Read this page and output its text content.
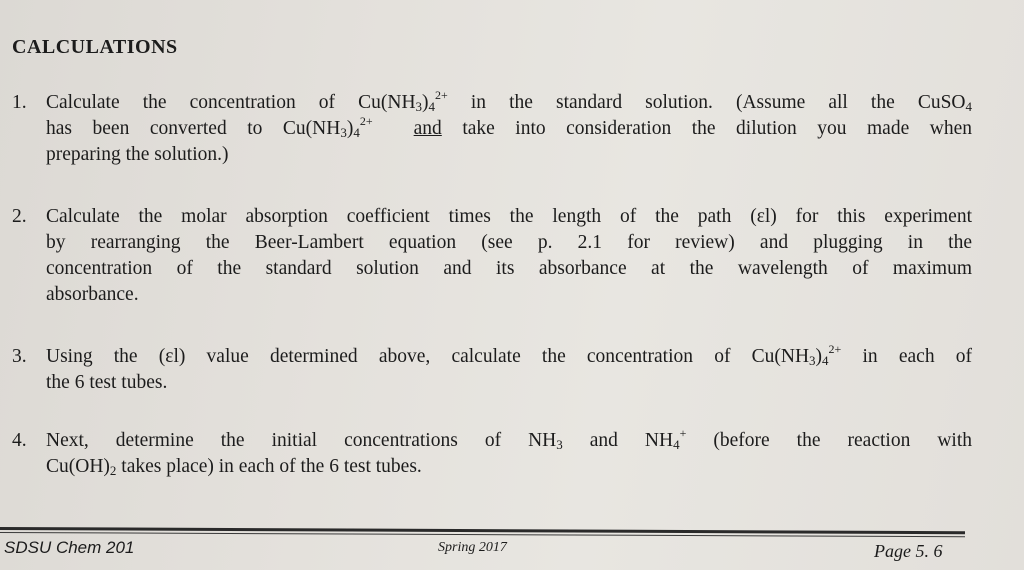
CALCULATIONS
1. Calculate the concentration of $Cu(NH_3)_4^{2+}$ in the standard solution. (Assume all the CuSO$_4$
has been converted to $Cu(NH_3)_4^{2+}$ and take into consideration the dilution you made when
preparing the solution.)
2. Calculate the molar absorption coefficient times the length of the path (εl) for this experiment
by rearranging the Beer-Lambert equation (see p. 2.1 for review) and plugging in the
concentration of the standard solution and its absorbance at the wavelength of maximum
absorbance.
3. Using the (εl) value determined above, calculate the concentration of $Cu(NH_3)_4^{2+}$ in each of
the 6 test tubes.
4. Next, determine the initial concentrations of $NH_3$ and $NH_4^+$ (before the reaction with
$Cu(OH)_2$ takes place) in each of the 6 test tubes.
SDSU Chem 201	Spring 2017	Page 5. 6
